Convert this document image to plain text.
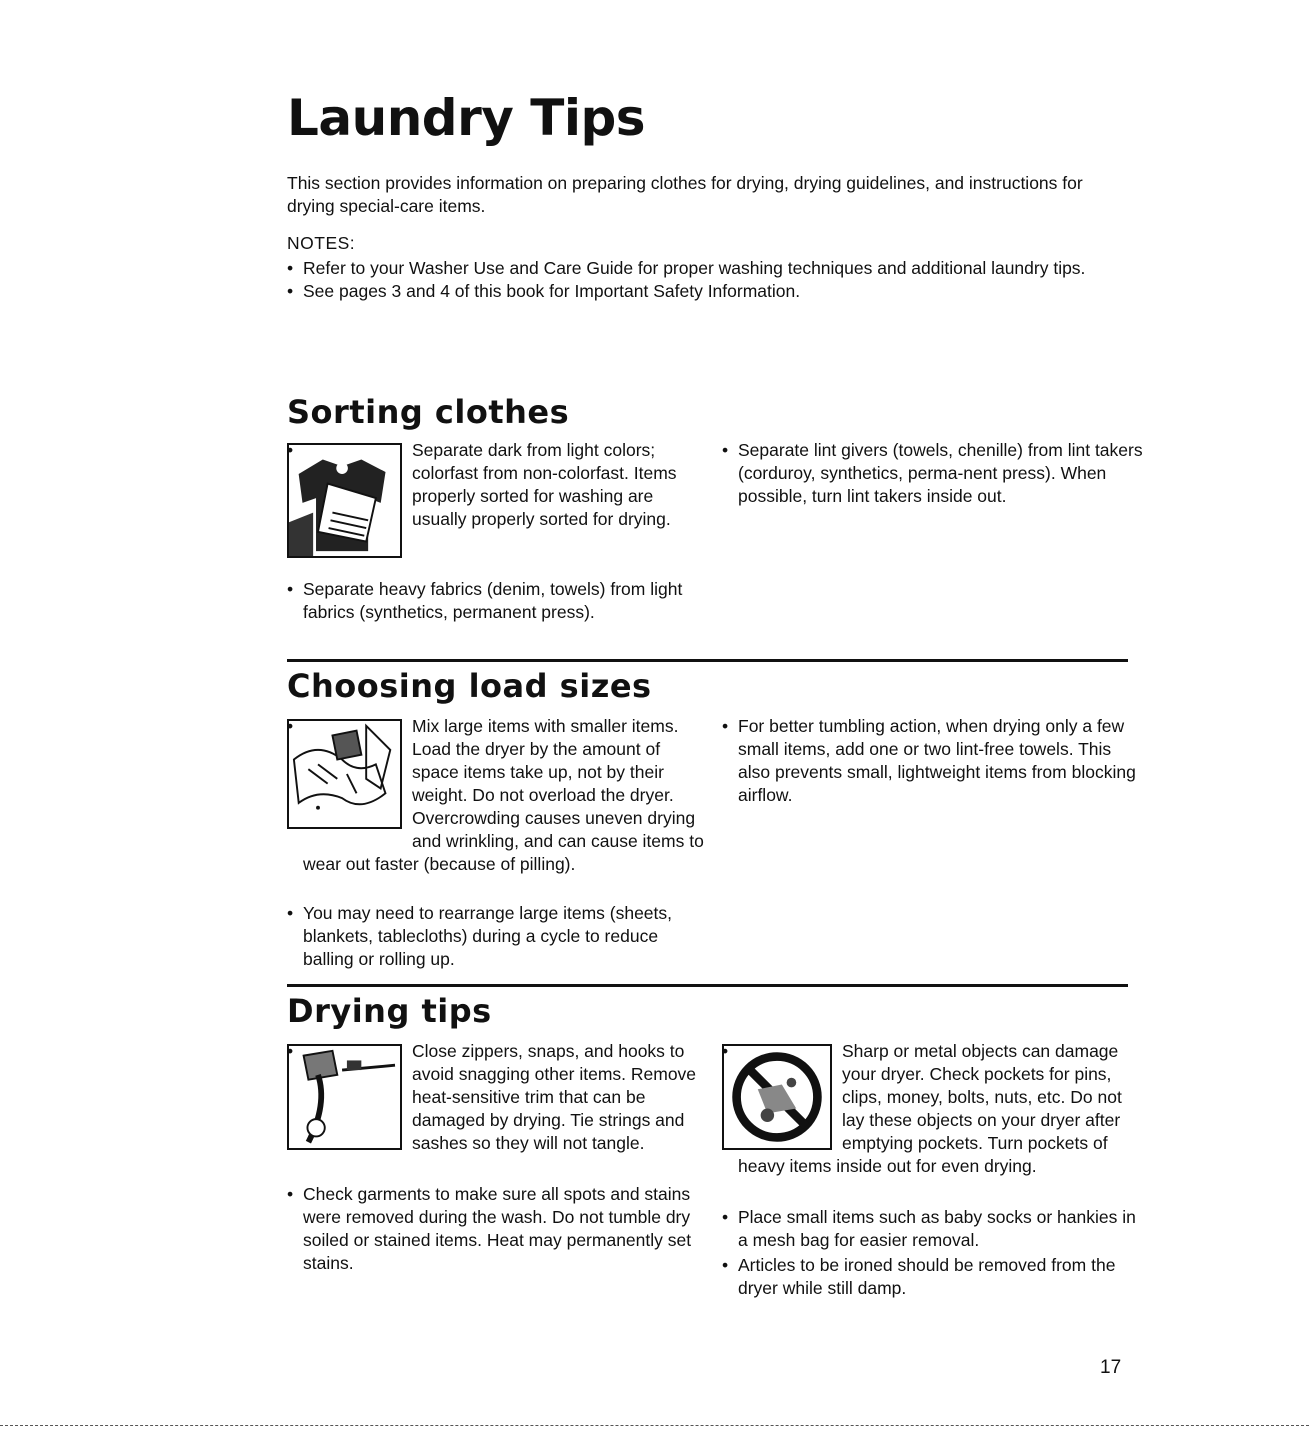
Laundry Tips
This section provides information on preparing clothes for drying, drying guidelines, and instructions for drying special-care items.
NOTES:
• Refer to your Washer Use and Care Guide for proper washing techniques and additional laundry tips.
• See pages 3 and 4 of this book for Important Safety Information.
Sorting clothes
•	Separate dark from light colors; colorfast from non-colorfast. Items properly sorted for washing are usually properly sorted for drying.
• Separate heavy fabrics (denim, towels) from light fabrics (synthetics, permanent press).
• Separate lint givers (towels, chenille) from lint takers (corduroy, synthetics, perma-nent press). When possible, turn lint takers inside out.
Choosing load sizes
•	Mix large items with smaller items. Load the dryer by the amount of space items take up, not by their weight. Do not overload the dryer. Overcrowding causes uneven drying and wrinkling, and can cause items to wear out faster (because of pilling).
• You may need to rearrange large items (sheets, blankets, tablecloths) during a cycle to reduce balling or rolling up.
• For better tumbling action, when drying only a few small items, add one or two lint-free towels. This also prevents small, lightweight items from blocking airflow.
Drying tips
•	Close zippers, snaps, and hooks to avoid snagging other items. Remove heat-sensitive trim that can be damaged by drying. Tie strings and sashes so they will not tangle.
• Check garments to make sure all spots and stains were removed during the wash. Do not tumble dry soiled or stained items. Heat may permanently set stains.
•	Sharp or metal objects can damage your dryer. Check pockets for pins, clips, money, bolts, nuts, etc. Do not lay these objects on your dryer after emptying pockets. Turn pockets of heavy items inside out for even drying.
• Place small items such as baby socks or hankies in a mesh bag for easier removal.
• Articles to be ironed should be removed from the dryer while still damp.
17
